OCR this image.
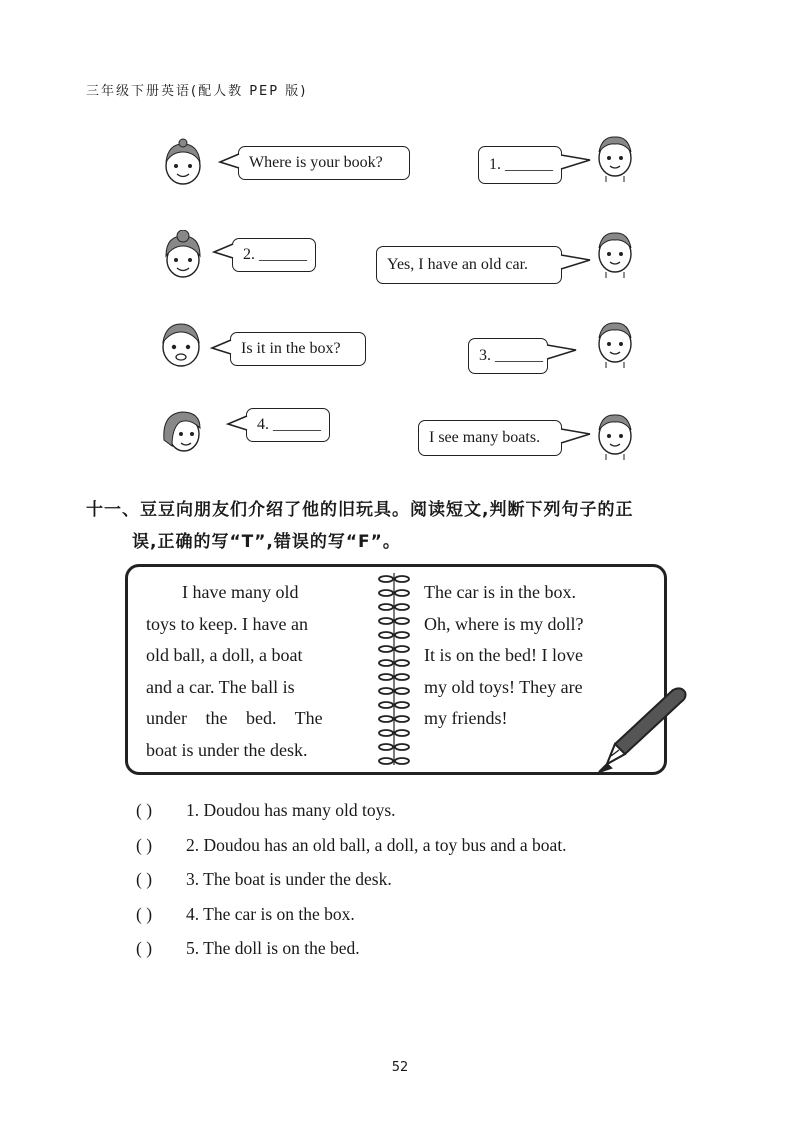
三年级下册英语(配人教 PEP 版)
Where is your book?	1. ______
2. ______
Yes, I have an old car.
Is it in the box?	3. ______
4. ______
I see many boats.
十一、豆豆向朋友们介绍了他的旧玩具。阅读短文,判断下列句子的正
误,正确的写“T”,错误的写“F”。
I have many old
toys to keep. I have an
old ball, a doll, a boat
and a car. The ball is
under the bed. The
boat is under the desk.
The car is in the box.
Oh, where is my doll?
It is on the bed! I love
my old toys! They are
my friends!
( ) 1. Doudou has many old toys.
( ) 2. Doudou has an old ball, a doll, a toy bus and a boat.
( ) 3. The boat is under the desk.
( ) 4. The car is on the box.
( ) 5. The doll is on the bed.
52
